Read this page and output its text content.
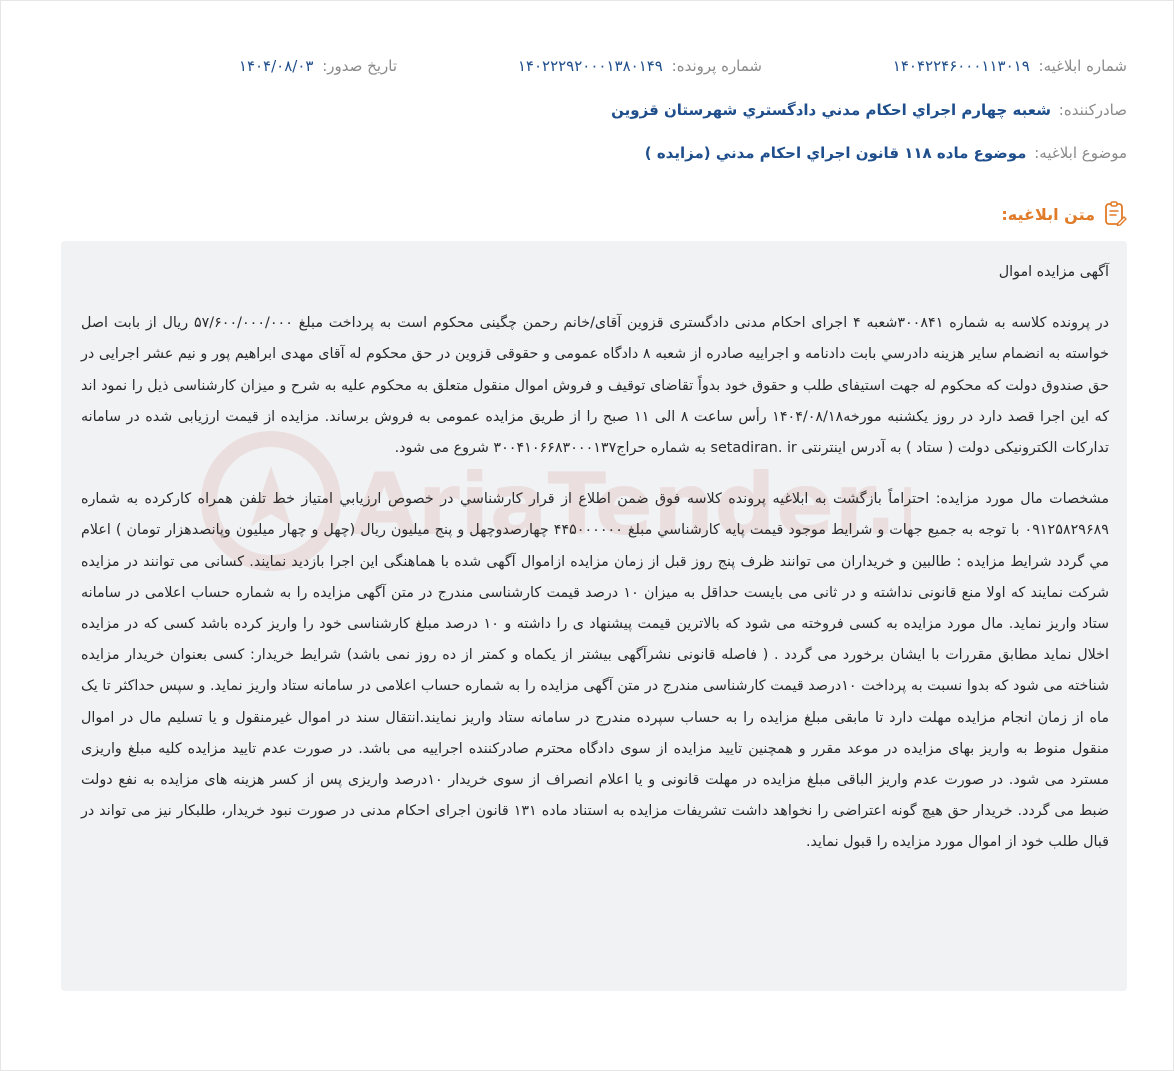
شماره ابلاغیه: ۱۴۰۴۲۲۴۶۰۰۰۱۱۳۰۱۹
شماره پرونده: ۱۴۰۲۲۲۹۲۰۰۰۱۳۸۰۱۴۹
تاریخ صدور: ۱۴۰۴/۰۸/۰۳
صادرکننده: شعبه چهارم اجراي احكام مدني دادگستري شهرستان قزوين
موضوع ابلاغیه: موضوع ماده ۱۱۸ قانون اجراي احكام مدني (مزايده )
متن ابلاغیه:
AriaTender.

آگهی مزایده اموال

در پرونده کلاسه به شماره ۳۰۰۸۴۱شعبه ۴ اجرای احکام مدنی دادگستری قزوین آقای/خانم رحمن چگینی محکوم است به پرداخت مبلغ ۵۷/۶۰۰/۰۰۰/۰۰۰ ریال از بابت اصل خواسته به انضمام سایر هزینه دادرسي بابت دادنامه و اجراییه صادره از شعبه ۸ دادگاه عمومی و حقوقی قزوین در حق محکوم له آقای مهدی ابراهیم پور و نیم عشر اجرایی در حق صندوق دولت که محکوم له جهت استیفای طلب و حقوق خود بدواً تقاضای توقیف و فروش اموال منقول متعلق به محکوم علیه به شرح و میزان کارشناسی ذیل را نمود اند که این اجرا قصد دارد در روز یکشنبه مورخه۱۴۰۴/۰۸/۱۸ رأس ساعت ۸ الی ۱۱ صبح را از طریق مزایده عمومی به فروش برساند. مزایده از قیمت ارزیابی شده در سامانه تدارکات الکترونیکی دولت ( ستاد ) به آدرس اینترنتی setadiran. ir به شماره حراج۳۰۰۴۱۰۶۶۸۳۰۰۰۱۳۷ شروع می شود.

مشخصات مال مورد مزایده: احتراماً بازگشت به ابلاغيه پرونده كلاسه فوق ضمن اطلاع از قرار كارشناسي در خصوص ارزيابي امتياز خط تلفن همراه كاركرده به شماره ۰۹۱۲۵۸۲۹۶۸۹ با توجه به جميع جهات و شرايط موجود قيمت پايه كارشناسي مبلغ ۴۴۵۰۰۰۰۰۰ چهارصدوچهل و پنج ميليون ريال (چهل و چهار ميليون وپانصدهزار تومان ) اعلام مي گردد شرایط مزایده : طالبین و خریداران می توانند ظرف پنج روز قبل از زمان مزایده ازاموال آگهی شده با هماهنگی این اجرا بازدید نمایند. کسانی می توانند در مزایده شرکت نمایند که اولا منع قانونی نداشته و در ثانی می بایست حداقل به میزان ۱۰ درصد قیمت کارشناسی مندرج در متن آگهی مزایده را به شماره حساب اعلامی در سامانه ستاد واریز نماید. مال مورد مزایده به کسی فروخته می شود که بالاترین قیمت پیشنهاد ی را داشته و ۱۰ درصد مبلغ کارشناسی خود را واریز کرده باشد کسی که در مزایده اخلال نماید مطابق مقررات با ایشان برخورد می گردد . ( فاصله قانونی نشرآگهی بیشتر از یکماه و کمتر از ده روز نمی باشد) شرایط خریدار: کسی بعنوان خریدار مزایده شناخته می شود که بدوا نسبت به پرداخت ۱۰درصد قیمت کارشناسی مندرج در متن آگهی مزایده را به شماره حساب اعلامی در سامانه ستاد واریز نماید. و سپس حداکثر تا یک ماه از زمان انجام مزایده مهلت دارد تا مابقی مبلغ مزایده را به حساب سپرده مندرج در سامانه ستاد واریز نمایند.انتقال سند در اموال غیرمنقول و یا تسلیم مال در اموال منقول منوط به واریز بهای مزایده در موعد مقرر و همچنین تایید مزایده از سوی دادگاه محترم صادرکننده اجراییه می باشد. در صورت عدم تایید مزایده کلیه مبلغ واریزی مسترد می شود. در صورت عدم واریز الباقی مبلغ مزایده در مهلت قانونی و یا اعلام انصراف از سوی خریدار ۱۰درصد واریزی پس از کسر هزینه های مزایده به نفع دولت ضبط می گردد. خریدار حق هیچ گونه اعتراضی را نخواهد داشت تشریفات مزایده به استناد ماده ۱۳۱ قانون اجرای احکام مدنی در صورت نبود خریدار، طلبکار نیز می تواند در قبال طلب خود از اموال مورد مزایده را قبول نماید.
